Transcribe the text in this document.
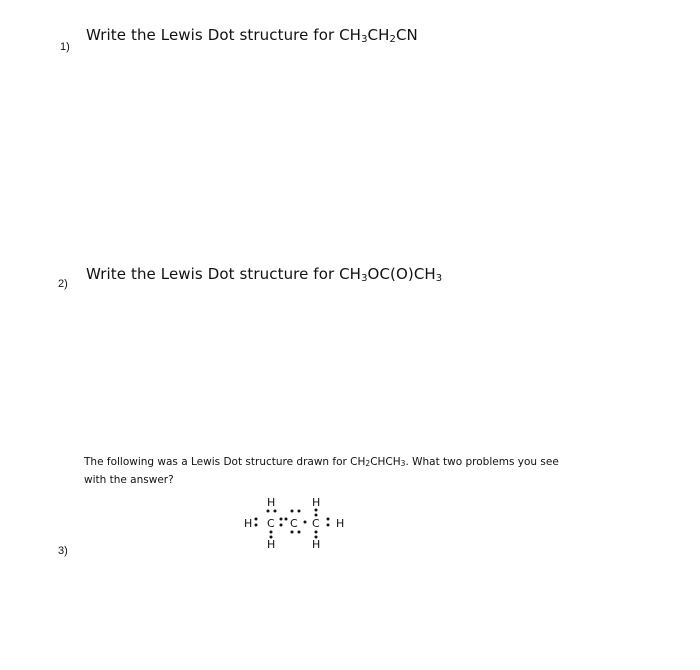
1)
Write the Lewis Dot structure for $CH_3CH_2CN$
2)
Write the Lewis Dot structure for $CH_3OC(O)CH_3$
3)
The following was a Lewis Dot structure drawn for $CH_2CHCH_3$. What two problems you see with the answer?
H	H
H C C C H
H	H
